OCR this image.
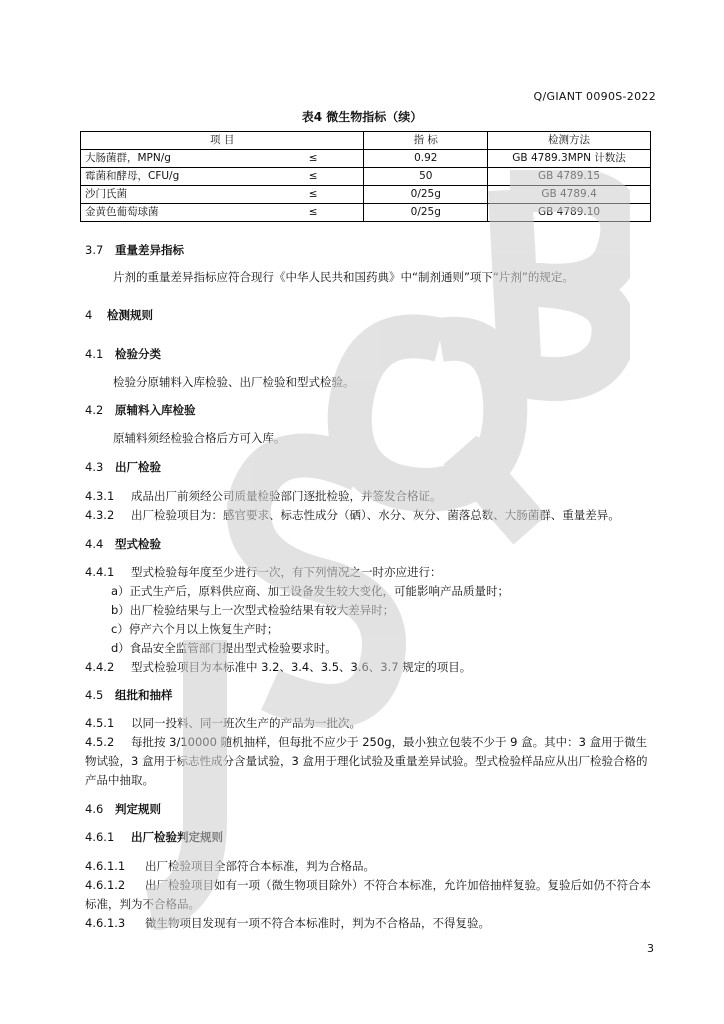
Q/GIANT 0090S-2022
表4 微生物指标（续）
项 目		指 标	检测方法
大肠菌群，MPN/g	≤	0.92	GB 4789.3MPN 计数法
霉菌和酵母，CFU/g	≤	50	GB 4789.15
沙门氏菌	≤	0/25g	GB 4789.4
金黄色葡萄球菌	≤	0/25g	GB 4789.10
3.7 重量差异指标
片剂的重量差异指标应符合现行《中华人民共和国药典》中“制剂通则”项下“片剂”的规定。
4 检测规则
4.1 检验分类
检验分原辅料入库检验、出厂检验和型式检验。
4.2 原辅料入库检验
原辅料须经检验合格后方可入库。
4.3 出厂检验
4.3.1 成品出厂前须经公司质量检验部门逐批检验，并签发合格证。
4.3.2 出厂检验项目为：感官要求、标志性成分（硒）、水分、灰分、菌落总数、大肠菌群、重量差异。
4.4 型式检验
4.4.1 型式检验每年度至少进行一次，有下列情况之一时亦应进行：
a）正式生产后，原料供应商、加工设备发生较大变化，可能影响产品质量时；
b）出厂检验结果与上一次型式检验结果有较大差异时；
c）停产六个月以上恢复生产时；
d）食品安全监管部门提出型式检验要求时。
4.4.2 型式检验项目为本标准中 3.2、3.4、3.5、3.6、3.7 规定的项目。
4.5 组批和抽样
4.5.1 以同一投料、同一班次生产的产品为一批次。
4.5.2 每批按 3/10000 随机抽样，但每批不应少于 250g，最小独立包装不少于 9 盒。其中：3 盒用于微生物试验，3 盒用于标志性成分含量试验，3 盒用于理化试验及重量差异试验。型式检验样品应从出厂检验合格的产品中抽取。
4.6 判定规则
4.6.1 出厂检验判定规则
4.6.1.1 出厂检验项目全部符合本标准，判为合格品。
4.6.1.2 出厂检验项目如有一项（微生物项目除外）不符合本标准，允许加倍抽样复验。复验后如仍不符合本标准，判为不合格品。
4.6.1.3 微生物项目发现有一项不符合本标准时，判为不合格品，不得复验。
3
